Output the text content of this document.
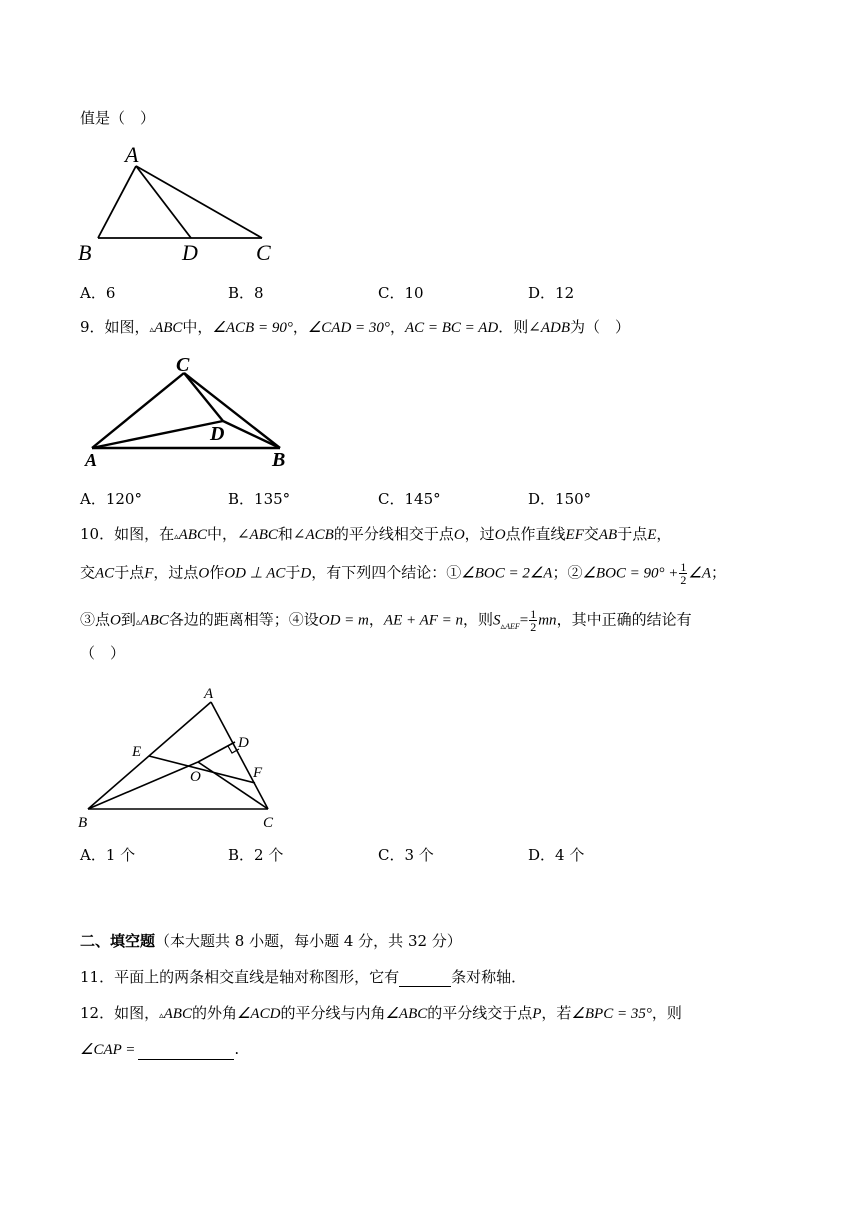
值是（　）
A
B	D	C
A．6	B．8	C．10	D．12
9．如图，▵ABC中，∠ACB = 90°，∠CAD = 30°，AC = BC = AD．则∠ADB为（　）
C
D
A	B
A．120°	B．135°	C．145°	D．150°
10．如图，在▵ABC中，∠ABC和∠ACB的平分线相交于点O，过O点作直线EF交AB于点E，
交AC于点F，过点O作OD ⊥ AC于D，有下列四个结论：①∠BOC = 2∠A；②∠BOC = $90^\circ + \frac{1}{2}$ ∠A；
③点O到▵ABC各边的距离相等；④设OD = m，AE + AF = n，则$S_{▵AEF}= \frac{1}{2}$ mn，其中正确的结论有
（　）
A
D
E
F
O
B	C
A．1 个	B．2 个	C．3 个	D．4 个
二、填空题（本大题共 8 小题，每小题 4 分，共 32 分）
11．平面上的两条相交直线是轴对称图形，它有	条对称轴．
12．如图，▵ABC的外角∠ACD的平分线与内角∠ABC的平分线交于点P，若∠BPC = 35°，则
∠CAP =	.
